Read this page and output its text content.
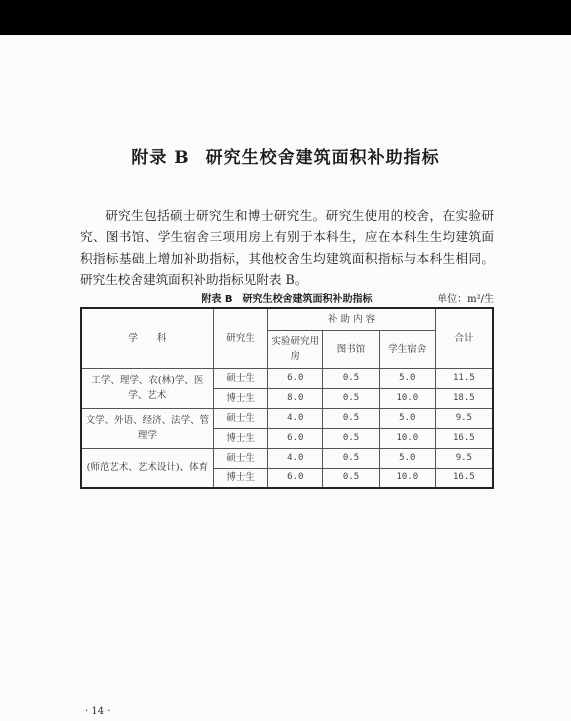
附录 B 研究生校舍建筑面积补助指标

研究生包括硕士研究生和博士研究生。研究生使用的校舍，在实验研究、图书馆、学生宿舍三项用房上有别于本科生，应在本科生生均建筑面积指标基础上增加补助指标，其他校舍生均建筑面积指标与本科生相同。研究生校舍建筑面积补助指标见附表 B。

附表 B　研究生校舍建筑面积补助指标	单位：m²/生
学　　科	研究生	补 助 内 容			合计
		实验研究用房	图书馆	学生宿舍	
工学、理学、农(林)学、医学、艺术	硕士生	6.0	0.5	5.0	11.5
	博士生	8.0	0.5	10.0	18.5
文学、外语、经济、法学、管理学	硕士生	4.0	0.5	5.0	9.5
	博士生	6.0	0.5	10.0	16.5
(师范艺术、艺术设计)、体育	硕士生	4.0	0.5	5.0	9.5
	博士生	6.0	0.5	10.0	16.5
· 14 ·
